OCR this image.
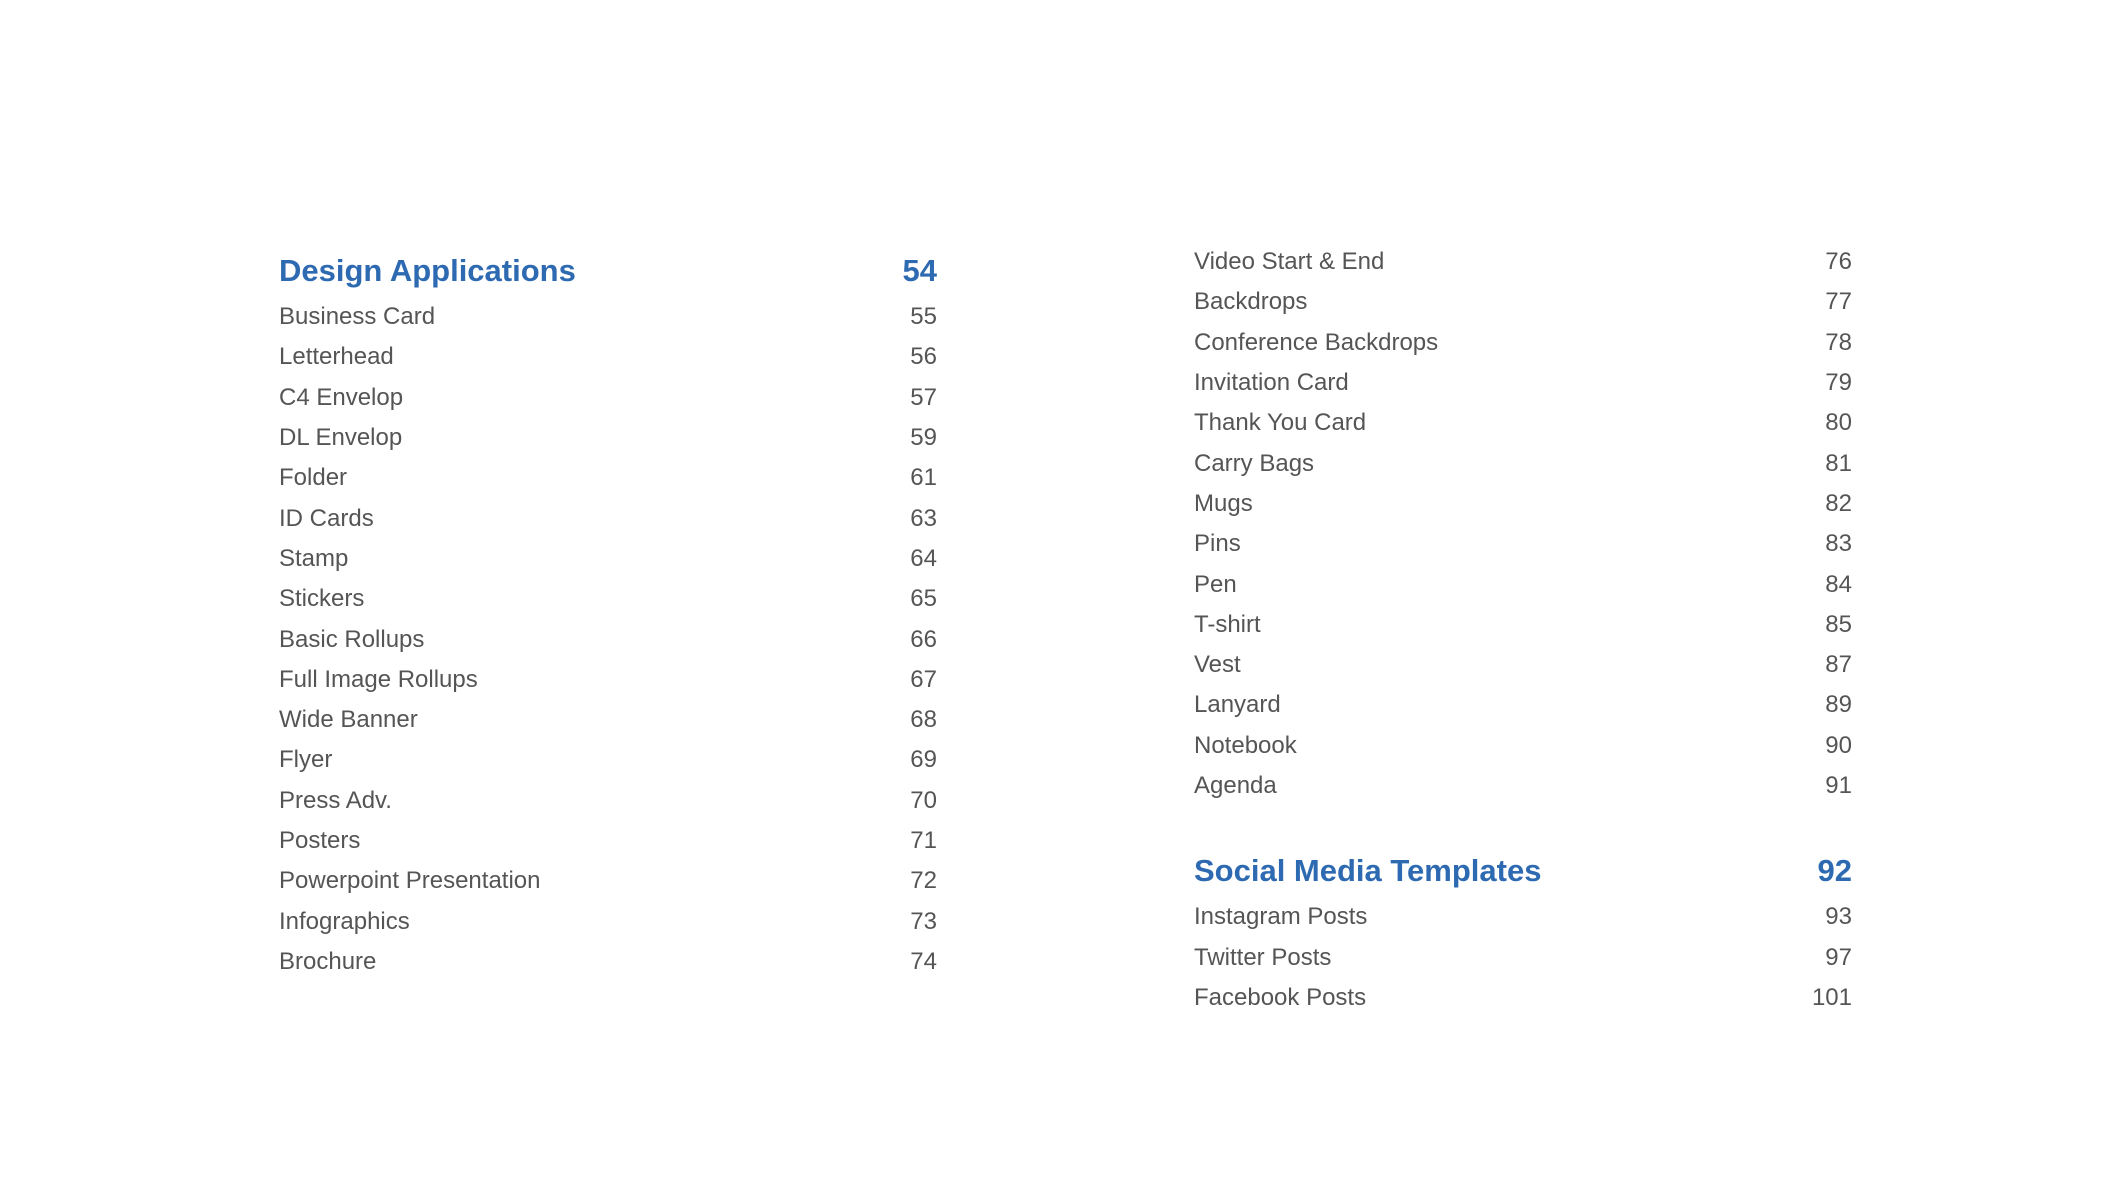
Design Applications	54
Business Card	55
Letterhead	56
C4 Envelop	57
DL Envelop	59
Folder	61
ID Cards	63
Stamp	64
Stickers	65
Basic Rollups	66
Full Image Rollups	67
Wide Banner	68
Flyer	69
Press Adv.	70
Posters	71
Powerpoint Presentation	72
Infographics	73
Brochure	74
Video Start & End	76
Backdrops	77
Conference Backdrops	78
Invitation Card	79
Thank You Card	80
Carry Bags	81
Mugs	82
Pins	83
Pen	84
T-shirt	85
Vest	87
Lanyard	89
Notebook	90
Agenda	91
Social Media Templates	92
Instagram Posts	93
Twitter Posts	97
Facebook Posts	101
